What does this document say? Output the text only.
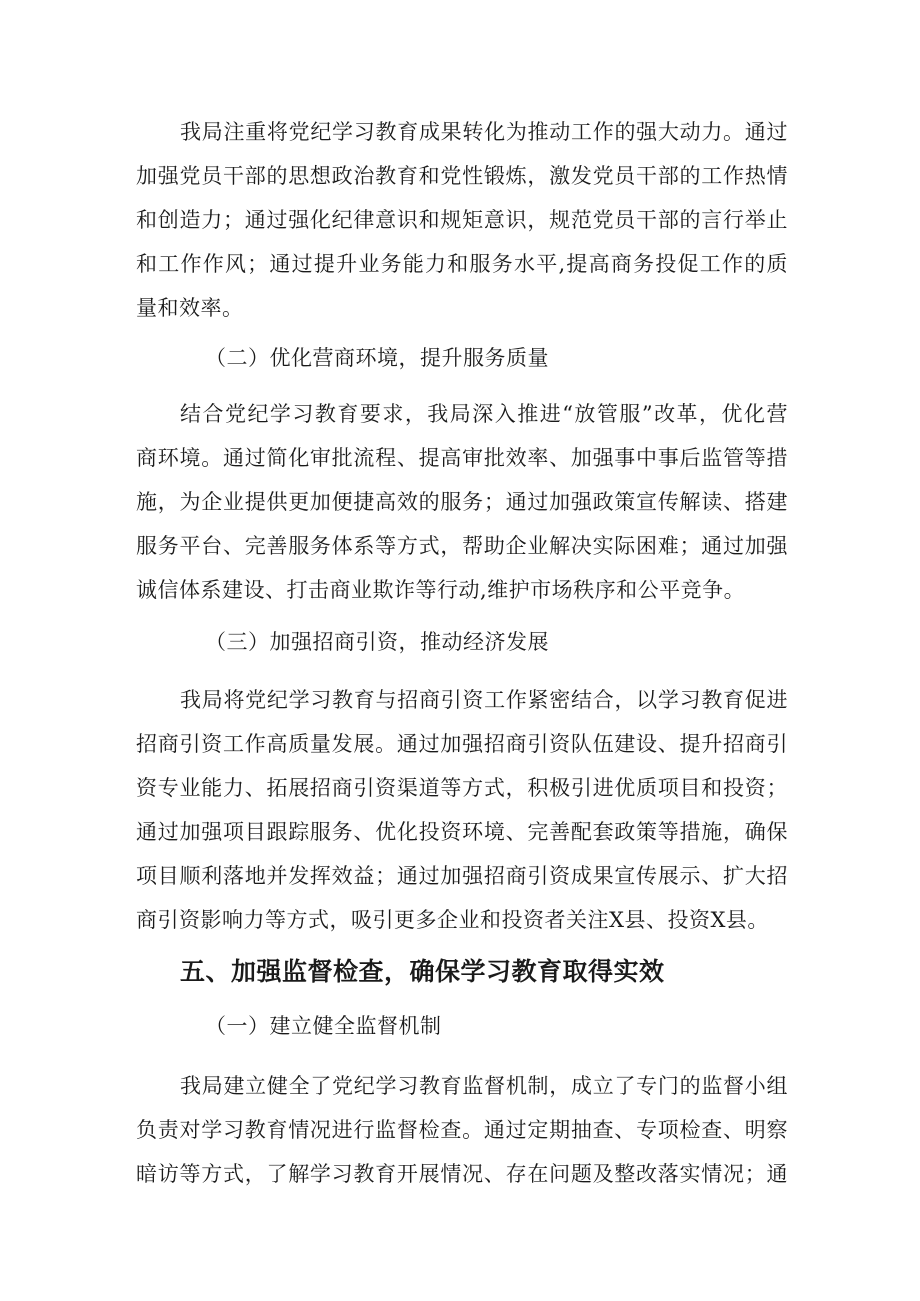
我局注重将党纪学习教育成果转化为推动工作的强大动力。通过
加强党员干部的思想政治教育和党性锻炼，激发党员干部的工作热情
和创造力；通过强化纪律意识和规矩意识，规范党员干部的言行举止
和工作作风；通过提升业务能力和服务水平,提高商务投促工作的质
量和效率。
（二）优化营商环境，提升服务质量
结合党纪学习教育要求，我局深入推进“放管服”改革，优化营
商环境。通过简化审批流程、提高审批效率、加强事中事后监管等措
施，为企业提供更加便捷高效的服务；通过加强政策宣传解读、搭建
服务平台、完善服务体系等方式，帮助企业解决实际困难；通过加强
诚信体系建设、打击商业欺诈等行动,维护市场秩序和公平竞争。
（三）加强招商引资，推动经济发展
我局将党纪学习教育与招商引资工作紧密结合，以学习教育促进
招商引资工作高质量发展。通过加强招商引资队伍建设、提升招商引
资专业能力、拓展招商引资渠道等方式，积极引进优质项目和投资；
通过加强项目跟踪服务、优化投资环境、完善配套政策等措施，确保
项目顺利落地并发挥效益；通过加强招商引资成果宣传展示、扩大招
商引资影响力等方式，吸引更多企业和投资者关注X县、投资X县。
五、加强监督检查，确保学习教育取得实效
（一）建立健全监督机制
我局建立健全了党纪学习教育监督机制，成立了专门的监督小组
负责对学习教育情况进行监督检查。通过定期抽查、专项检查、明察
暗访等方式，了解学习教育开展情况、存在问题及整改落实情况；通
